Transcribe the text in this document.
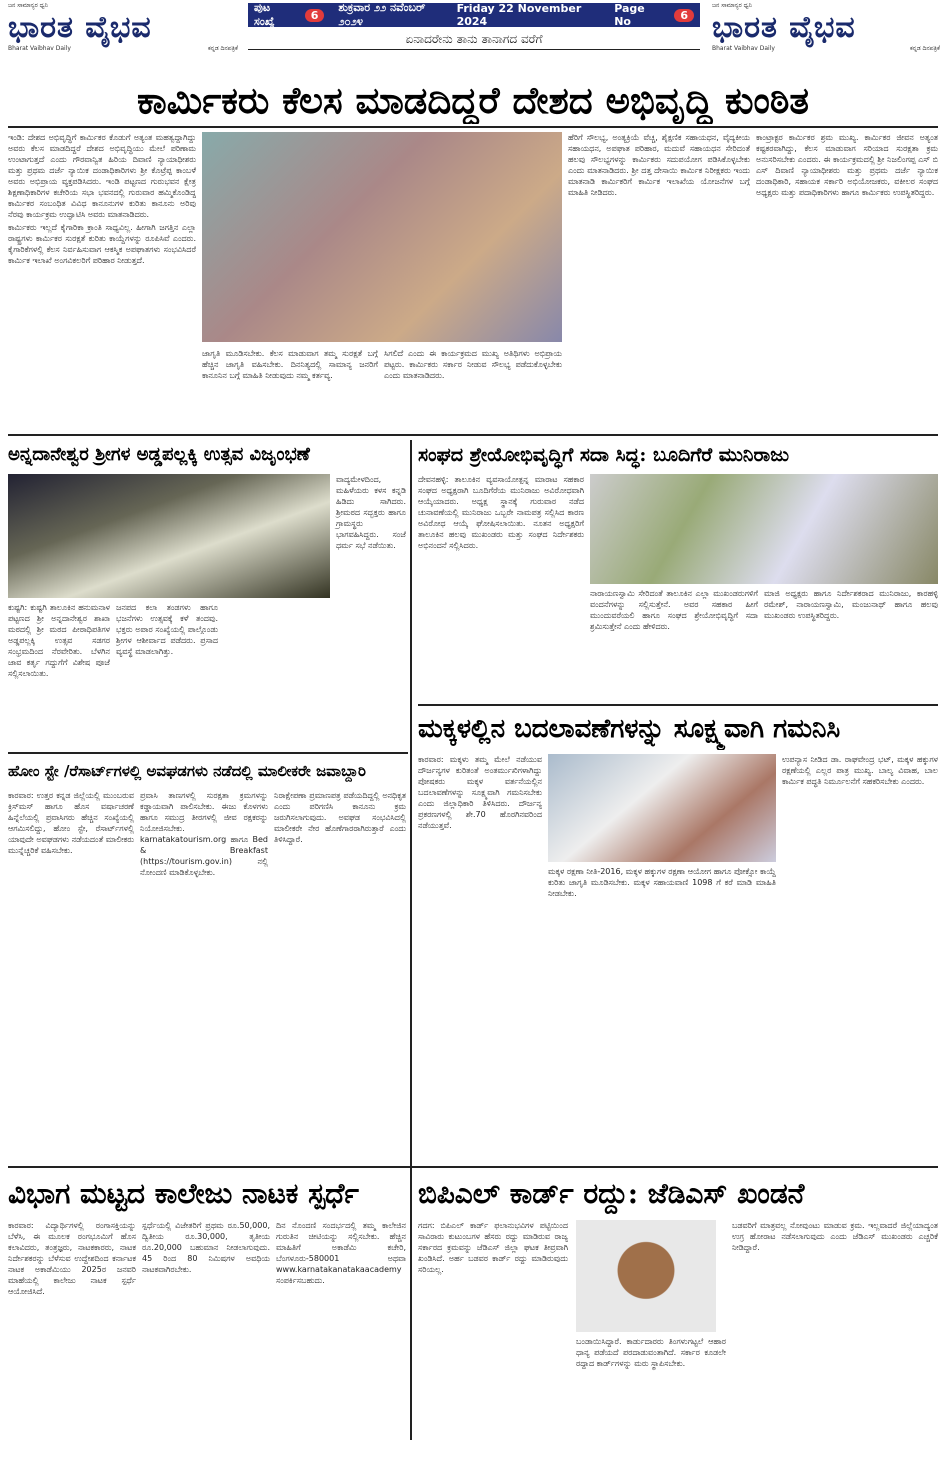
ಜನ ಸಾಮಾನ್ಯರ ಧ್ವನಿ
ಭಾರತ ವೈಭವ
Bharat Vaibhav Daily	ಕನ್ನಡ ದಿನಪತ್ರಿಕೆ
ಪುಟ ಸಂಖ್ಯೆ	6
ಶುಕ್ರವಾರ ೨೨ ನವೆಂಬರ್ ೨೦೨೪
Friday 22 November 2024
Page No	6
ಏನಾದರೇನು ತಾನು ತಾನಾಗದ ವರೆಗೆ
ಜನ ಸಾಮಾನ್ಯರ ಧ್ವನಿ
ಭಾರತ ವೈಭವ
Bharat Vaibhav Daily	ಕನ್ನಡ ದಿನಪತ್ರಿಕೆ
ಕಾರ್ಮಿಕರು ಕೆಲಸ ಮಾಡದಿದ್ದರೆ ದೇಶದ ಅಭಿವೃದ್ಧಿ ಕುಂಠಿತ

ಇಂಡಿ: ದೇಶದ ಅಭಿವೃದ್ಧಿಗೆ ಕಾರ್ಮಿಕರ ಕೊಡುಗೆ ಅತ್ಯಂತ ಮಹತ್ವದ್ದಾಗಿದ್ದು ಅವರು ಕೆಲಸ ಮಾಡದಿದ್ದರೆ ದೇಶದ ಅಭಿವೃದ್ಧಿಯು ಮೇಲೆ ಪರಿಣಾಮ ಉಂಟಾಗುತ್ತದೆ ಎಂದು ಗೌರವಾನ್ವಿತ ಹಿರಿಯ ದಿವಾಣಿ ನ್ಯಾಯಾಧೀಶರು ಮತ್ತು ಪ್ರಥಮ ದರ್ಜೆ ನ್ಯಾಯಿಕ ದಂಡಾಧಿಕಾರಿಗಳು ಶ್ರೀ ಕೊಟ್ರೆಪ್ಪ ಕಾಂಬಳೆ ಅವರು ಅಭಿಪ್ರಾಯ ವ್ಯಕ್ತಪಡಿಸಿದರು. ಇಂಡಿ ಪಟ್ಟಣದ ಗುರುಭವನ ಕ್ಷೇತ್ರ ಶಿಕ್ಷಣಾಧಿಕಾರಿಗಳ ಕಚೇರಿಯ ಸಭಾ ಭವನದಲ್ಲಿ ಗುರುವಾರ ಹಮ್ಮಿಕೊಂಡಿದ್ದ ಕಾರ್ಮಿಕರ ಸಂಬಂಧಿತ ವಿವಿಧ ಕಾನೂನುಗಳ ಕುರಿತು ಕಾನೂನು ಅರಿವು ನೆರವು ಕಾರ್ಯಕ್ರಮ ಉದ್ಘಾಟಿಸಿ ಅವರು ಮಾತನಾಡಿದರು.

ಕಾರ್ಮಿಕರು ಇಲ್ಲದೆ ಕೈಗಾರಿಕಾ ಕ್ರಾಂತಿ ಸಾಧ್ಯವಿಲ್ಲ. ಹೀಗಾಗಿ ಜಗತ್ತಿನ ಎಲ್ಲಾ ರಾಷ್ಟ್ರಗಳು ಕಾರ್ಮಿಕರ ಸುರಕ್ಷತೆ ಕುರಿತು ಕಾಯ್ದೆಗಳನ್ನು ರೂಪಿಸಿವೆ ಎಂದರು. ಕೈಗಾರಿಕೆಗಳಲ್ಲಿ ಕೆಲಸ ನಿರ್ವಹಿಸುವಾಗ ಆಕಸ್ಮಿಕ ಅಪಘಾತಗಳು ಸಂಭವಿಸಿದರೆ ಕಾರ್ಮಿಕ ಇಲಾಖೆ ಅಂಗವಿಕಲರಿಗೆ ಪರಿಹಾರ ನೀಡುತ್ತದೆ.

ಜಾಗೃತಿ ಮೂಡಿಸಬೇಕು. ಕೆಲಸ ಮಾಡುವಾಗ ತಮ್ಮ ಸುರಕ್ಷತೆ ಬಗ್ಗೆ ಹೆಚ್ಚಿನ ಜಾಗೃತಿ ವಹಿಸಬೇಕು. ದಿನನಿತ್ಯದಲ್ಲಿ ಸಾಮಾನ್ಯ ಜನರಿಗೆ ಕಾನೂನಿನ ಬಗ್ಗೆ ಮಾಹಿತಿ ನೀಡುವುದು ನಮ್ಮ ಕರ್ತವ್ಯ.
ಸಿಗಲಿದೆ ಎಂದು ಈ ಕಾರ್ಯಕ್ರಮದ ಮುಖ್ಯ ಅತಿಥಿಗಳು ಅಭಿಪ್ರಾಯ ಪಟ್ಟರು. ಕಾರ್ಮಿಕರು ಸರ್ಕಾರ ನೀಡುವ ಸೌಲಭ್ಯ ಪಡೆದುಕೊಳ್ಳಬೇಕು ಎಂದು ಮಾತನಾಡಿದರು.
ಹೆರಿಗೆ ಸೌಲಭ್ಯ, ಅಂತ್ಯಕ್ರಿಯೆ ವೆಚ್ಚ, ಶೈಕ್ಷಣಿಕ ಸಹಾಯಧನ, ವೈದ್ಯಕೀಯ ಸಹಾಯಧನ, ಅಪಘಾತ ಪರಿಹಾರ, ಮದುವೆ ಸಹಾಯಧನ ಸೇರಿದಂತೆ ಹಲವು ಸೌಲಭ್ಯಗಳನ್ನು ಕಾರ್ಮಿಕರು ಸದುಪಯೋಗ ಪಡಿಸಿಕೊಳ್ಳಬೇಕು ಎಂದು ಮಾತನಾಡಿದರು. ಶ್ರೀ ದತ್ತ ದೇಸಾಯಿ ಕಾರ್ಮಿಕ ನಿರೀಕ್ಷಕರು ಇಂದು ಮಾತನಾಡಿ ಕಾರ್ಮಿಕರಿಗೆ ಕಾರ್ಮಿಕ ಇಲಾಖೆಯ ಯೋಜನೆಗಳ ಬಗ್ಗೆ ಮಾಹಿತಿ ನೀಡಿದರು.
ಕಾಂಟ್ರಾಕ್ಟರ ಕಾರ್ಮಿಕರ ಶ್ರಮ ಮುಖ್ಯ. ಕಾರ್ಮಿಕರ ಜೀವನ ಅತ್ಯಂತ ಕಷ್ಟಕರವಾಗಿದ್ದು, ಕೆಲಸ ಮಾಡುವಾಗ ಸರಿಯಾದ ಸುರಕ್ಷತಾ ಕ್ರಮ ಅನುಸರಿಸಬೇಕು ಎಂದರು. ಈ ಕಾರ್ಯಕ್ರಮದಲ್ಲಿ ಶ್ರೀ ನಿಜಲಿಂಗಪ್ಪ ಎಸ್ ಬಿ ಎಸ್ ದಿವಾಣಿ ನ್ಯಾಯಾಧೀಶರು ಮತ್ತು ಪ್ರಥಮ ದರ್ಜೆ ನ್ಯಾಯಿಕ ದಂಡಾಧಿಕಾರಿ, ಸಹಾಯಕ ಸರ್ಕಾರಿ ಅಭಿಯೋಜಕರು, ವಕೀಲರ ಸಂಘದ ಅಧ್ಯಕ್ಷರು ಮತ್ತು ಪದಾಧಿಕಾರಿಗಳು ಹಾಗೂ ಕಾರ್ಮಿಕರು ಉಪಸ್ಥಿತರಿದ್ದರು.
ಅನ್ನದಾನೇಶ್ವರ ಶ್ರೀಗಳ ಅಡ್ಡಪಲ್ಲಕ್ಕಿ ಉತ್ಸವ ವಿಜೃಂಭಣೆ
ಕುಷ್ಟಗಿ: ಕುಷ್ಟಗಿ ತಾಲೂಕಿನ ಹನುಮನಾಳ ಪಟ್ಟಣದ ಶ್ರೀ ಅನ್ನದಾನೇಶ್ವರ ಶಾಖಾ ಮಠದಲ್ಲಿ ಶ್ರೀ ಮಠದ ಪೀಠಾಧಿಪತಿಗಳ ಅಡ್ಡಪಲ್ಲಕ್ಕಿ ಉತ್ಸವ ಸಡಗರ ಸಂಭ್ರಮದಿಂದ ನೆರವೇರಿತು. ಬೆಳಗಿನ ಜಾವ ಕರ್ತೃ ಗದ್ದುಗೆಗೆ ವಿಶೇಷ ಪೂಜೆ ಸಲ್ಲಿಸಲಾಯಿತು.
ಜನಪದ ಕಲಾ ತಂಡಗಳು ಹಾಗೂ ಭಜನೆಗಳು ಉತ್ಸವಕ್ಕೆ ಕಳೆ ತಂದವು. ಭಕ್ತರು ಅಪಾರ ಸಂಖ್ಯೆಯಲ್ಲಿ ಪಾಲ್ಗೊಂಡು ಶ್ರೀಗಳ ಆಶೀರ್ವಾದ ಪಡೆದರು. ಪ್ರಸಾದ ವ್ಯವಸ್ಥೆ ಮಾಡಲಾಗಿತ್ತು.
ವಾದ್ಯಮೇಳದಿಂದ, ಮಹಿಳೆಯರು ಕಳಸ ಕನ್ನಡಿ ಹಿಡಿದು ಸಾಗಿದರು. ಶ್ರೀಮಠದ ಸದ್ಭಕ್ತರು ಹಾಗೂ ಗ್ರಾಮಸ್ಥರು ಭಾಗವಹಿಸಿದ್ದರು. ಸಂಜೆ ಧರ್ಮ ಸಭೆ ನಡೆಯಿತು.
ಸಂಘದ ಶ್ರೇಯೋಭಿವೃದ್ಧಿಗೆ ಸದಾ ಸಿದ್ಧ: ಬೂದಿಗೆರೆ ಮುನಿರಾಜು
ದೇವನಹಳ್ಳಿ: ತಾಲೂಕಿನ ವ್ಯವಸಾಯೋತ್ಪನ್ನ ಮಾರಾಟ ಸಹಕಾರ ಸಂಘದ ಅಧ್ಯಕ್ಷರಾಗಿ ಬೂದಿಗೆರೆಯ ಮುನಿರಾಜು ಅವಿರೋಧವಾಗಿ ಆಯ್ಕೆಯಾದರು. ಅಧ್ಯಕ್ಷ ಸ್ಥಾನಕ್ಕೆ ಗುರುವಾರ ನಡೆದ ಚುನಾವಣೆಯಲ್ಲಿ ಮುನಿರಾಜು ಒಬ್ಬರೇ ನಾಮಪತ್ರ ಸಲ್ಲಿಸಿದ ಕಾರಣ ಅವಿರೋಧ ಆಯ್ಕೆ ಘೋಷಿಸಲಾಯಿತು. ನೂತನ ಅಧ್ಯಕ್ಷರಿಗೆ ತಾಲೂಕಿನ ಹಲವು ಮುಖಂಡರು ಮತ್ತು ಸಂಘದ ನಿರ್ದೇಶಕರು ಅಭಿನಂದನೆ ಸಲ್ಲಿಸಿದರು.
ನಾರಾಯಣಸ್ವಾಮಿ ಸೇರಿದಂತೆ ತಾಲೂಕಿನ ಎಲ್ಲಾ ಮುಖಂಡರುಗಳಿಗೆ ವಂದನೆಗಳನ್ನು ಸಲ್ಲಿಸುತ್ತೇನೆ. ಅವರ ಸಹಕಾರ ಹೀಗೆ ಮುಂದುವರೆಯಲಿ ಹಾಗೂ ಸಂಘದ ಶ್ರೇಯೋಭಿವೃದ್ಧಿಗೆ ಸದಾ ಶ್ರಮಿಸುತ್ತೇನೆ ಎಂದು ಹೇಳಿದರು.
ಮಾಜಿ ಅಧ್ಯಕ್ಷರು ಹಾಗೂ ನಿರ್ದೇಶಕರಾದ ಮುನಿರಾಜು, ಕಾರಹಳ್ಳಿ ರಮೇಶ್, ನಾರಾಯಣಸ್ವಾಮಿ, ಮಂಜುನಾಥ್ ಹಾಗೂ ಹಲವು ಮುಖಂಡರು ಉಪಸ್ಥಿತರಿದ್ದರು.
ಮಕ್ಕಳಲ್ಲಿನ ಬದಲಾವಣೆಗಳನ್ನು ಸೂಕ್ಷ್ಮವಾಗಿ ಗಮನಿಸಿ
ಕಾರವಾರ: ಮಕ್ಕಳು ತಮ್ಮ ಮೇಲೆ ನಡೆಯುವ ದೌರ್ಜನ್ಯಗಳ ಕುರಿತಂತೆ ಅಂತರ್ಮುಖಿಗಳಾಗಿದ್ದು ಪೋಷಕರು ಮಕ್ಕಳ ವರ್ತನೆಯಲ್ಲಿನ ಬದಲಾವಣೆಗಳನ್ನು ಸೂಕ್ಷ್ಮವಾಗಿ ಗಮನಿಸಬೇಕು ಎಂದು ಜಿಲ್ಲಾಧಿಕಾರಿ ತಿಳಿಸಿದರು. ದೌರ್ಜನ್ಯ ಪ್ರಕರಣಗಳಲ್ಲಿ ಶೇ.70 ಹೊರಗಿನವರಿಂದ ನಡೆಯುತ್ತವೆ.
ಮಕ್ಕಳ ರಕ್ಷಣಾ ನೀತಿ-2016, ಮಕ್ಕಳ ಹಕ್ಕುಗಳ ರಕ್ಷಣಾ ಆಯೋಗ ಹಾಗೂ ಪೋಕ್ಸೋ ಕಾಯ್ದೆ ಕುರಿತು ಜಾಗೃತಿ ಮೂಡಿಸಬೇಕು. ಮಕ್ಕಳ ಸಹಾಯವಾಣಿ 1098 ಗೆ ಕರೆ ಮಾಡಿ ಮಾಹಿತಿ ನೀಡಬೇಕು.
ಉಪನ್ಯಾಸ ನೀಡಿದ ಡಾ. ರಾಘವೇಂದ್ರ ಭಟ್, ಮಕ್ಕಳ ಹಕ್ಕುಗಳ ರಕ್ಷಣೆಯಲ್ಲಿ ಎಲ್ಲರ ಪಾತ್ರ ಮುಖ್ಯ. ಬಾಲ್ಯ ವಿವಾಹ, ಬಾಲ ಕಾರ್ಮಿಕ ಪದ್ಧತಿ ನಿರ್ಮೂಲನೆಗೆ ಸಹಕರಿಸಬೇಕು ಎಂದರು.
ಹೋಂ ಸ್ಟೇ /ರೆಸಾರ್ಟ್‌ಗಳಲ್ಲಿ ಅವಘಡಗಳು ನಡೆದಲ್ಲಿ ಮಾಲೀಕರೇ ಜವಾಬ್ದಾರಿ
ಕಾರವಾರ: ಉತ್ತರ ಕನ್ನಡ ಜಿಲ್ಲೆಯಲ್ಲಿ ಮುಂಬರುವ ಕ್ರಿಸ್‌ಮಸ್ ಹಾಗೂ ಹೊಸ ವರ್ಷಾಚರಣೆ ಹಿನ್ನೆಲೆಯಲ್ಲಿ ಪ್ರವಾಸಿಗರು ಹೆಚ್ಚಿನ ಸಂಖ್ಯೆಯಲ್ಲಿ ಆಗಮಿಸಲಿದ್ದು, ಹೋಂ ಸ್ಟೇ, ರೆಸಾರ್ಟ್‌ಗಳಲ್ಲಿ ಯಾವುದೇ ಅವಘಡಗಳು ನಡೆಯದಂತೆ ಮಾಲೀಕರು ಮುನ್ನೆಚ್ಚರಿಕೆ ವಹಿಸಬೇಕು.
ಪ್ರವಾಸಿ ತಾಣಗಳಲ್ಲಿ ಸುರಕ್ಷತಾ ಕ್ರಮಗಳನ್ನು ಕಡ್ಡಾಯವಾಗಿ ಪಾಲಿಸಬೇಕು. ಈಜು ಕೊಳಗಳು ಹಾಗೂ ಸಮುದ್ರ ತೀರಗಳಲ್ಲಿ ಜೀವ ರಕ್ಷಕರನ್ನು ನಿಯೋಜಿಸಬೇಕು. karnatakatourism.org ಹಾಗೂ Bed & Breakfast (https://tourism.gov.in) ನಲ್ಲಿ ನೋಂದಣಿ ಮಾಡಿಕೊಳ್ಳಬೇಕು.
ನಿರಾಕ್ಷೇಪಣಾ ಪ್ರಮಾಣಪತ್ರ ಪಡೆಯದಿದ್ದಲ್ಲಿ ಅನಧಿಕೃತ ಎಂದು ಪರಿಗಣಿಸಿ ಕಾನೂನು ಕ್ರಮ ಜರುಗಿಸಲಾಗುವುದು. ಅವಘಡ ಸಂಭವಿಸಿದಲ್ಲಿ ಮಾಲೀಕರೇ ನೇರ ಹೊಣೆಗಾರರಾಗಿರುತ್ತಾರೆ ಎಂದು ತಿಳಿಸಿದ್ದಾರೆ.
ವಿಭಾಗ ಮಟ್ಟದ ಕಾಲೇಜು ನಾಟಕ ಸ್ಪರ್ಧೆ
ಕಾರವಾರ: ವಿದ್ಯಾರ್ಥಿಗಳಲ್ಲಿ ರಂಗಾಸಕ್ತಿಯನ್ನು ಬೆಳೆಸಿ, ಈ ಮೂಲಕ ರಂಗಭೂಮಿಗೆ ಹೊಸ ಕಲಾವಿದರು, ತಂತ್ರಜ್ಞರು, ನಾಟಕಕಾರರು, ನಾಟಕ ನಿರ್ದೇಶಕರನ್ನು ಬೆಳೆಸುವ ಉದ್ದೇಶದಿಂದ ಕರ್ನಾಟಕ ನಾಟಕ ಅಕಾಡೆಮಿಯು 2025ರ ಜನವರಿ ಮಾಹೆಯಲ್ಲಿ ಕಾಲೇಜು ನಾಟಕ ಸ್ಪರ್ಧೆ ಆಯೋಜಿಸಿದೆ.
ಸ್ಪರ್ಧೆಯಲ್ಲಿ ವಿಜೇತರಿಗೆ ಪ್ರಥಮ ರೂ.50,000, ದ್ವಿತೀಯ ರೂ.30,000, ತೃತೀಯ ರೂ.20,000 ಬಹುಮಾನ ನೀಡಲಾಗುವುದು. 45 ರಿಂದ 80 ನಿಮಿಷಗಳ ಅವಧಿಯ ನಾಟಕವಾಗಿರಬೇಕು.
ದಿನ ನೊಂದಣಿ ಸಂದರ್ಭದಲ್ಲಿ ತಮ್ಮ ಕಾಲೇಜಿನ ಗುರುತಿನ ಚೀಟಿಯನ್ನು ಸಲ್ಲಿಸಬೇಕು. ಹೆಚ್ಚಿನ ಮಾಹಿತಿಗೆ ಅಕಾಡೆಮಿ ಕಚೇರಿ, ಬೆಂಗಳೂರು-580001 ಅಥವಾ www.karnatakanatakaacademy ಸಂಪರ್ಕಿಸಬಹುದು.
ಬಿಪಿಎಲ್ ಕಾರ್ಡ್ ರದ್ದು: ಜೆಡಿಎಸ್ ಖಂಡನೆ
ಗದಗ: ಬಿಪಿಎಲ್ ಕಾರ್ಡ್ ಫಲಾನುಭವಿಗಳ ಪಟ್ಟಿಯಿಂದ ಸಾವಿರಾರು ಕುಟುಂಬಗಳ ಹೆಸರು ರದ್ದು ಮಾಡಿರುವ ರಾಜ್ಯ ಸರ್ಕಾರದ ಕ್ರಮವನ್ನು ಜೆಡಿಎಸ್ ಜಿಲ್ಲಾ ಘಟಕ ತೀವ್ರವಾಗಿ ಖಂಡಿಸಿದೆ. ಅರ್ಹ ಬಡವರ ಕಾರ್ಡ್ ರದ್ದು ಮಾಡಿರುವುದು ಸರಿಯಲ್ಲ.
ಬಂಡಾಯಿಸಿದ್ದಾರೆ. ಕಾರ್ಡುದಾರರು ತಿಂಗಳುಗಟ್ಟಲೆ ಆಹಾರ ಧಾನ್ಯ ಪಡೆಯದೆ ಪರದಾಡುವಂತಾಗಿದೆ. ಸರ್ಕಾರ ಕೂಡಲೇ ರದ್ದಾದ ಕಾರ್ಡ್‌ಗಳನ್ನು ಮರು ಸ್ಥಾಪಿಸಬೇಕು.
ಬಡವರಿಗೆ ಮಾತ್ರವಲ್ಲ ನೋವುಂಟು ಮಾಡುವ ಕ್ರಮ. ಇಲ್ಲವಾದರೆ ಜಿಲ್ಲೆಯಾದ್ಯಂತ ಉಗ್ರ ಹೋರಾಟ ನಡೆಸಲಾಗುವುದು ಎಂದು ಜೆಡಿಎಸ್ ಮುಖಂಡರು ಎಚ್ಚರಿಕೆ ನೀಡಿದ್ದಾರೆ.
